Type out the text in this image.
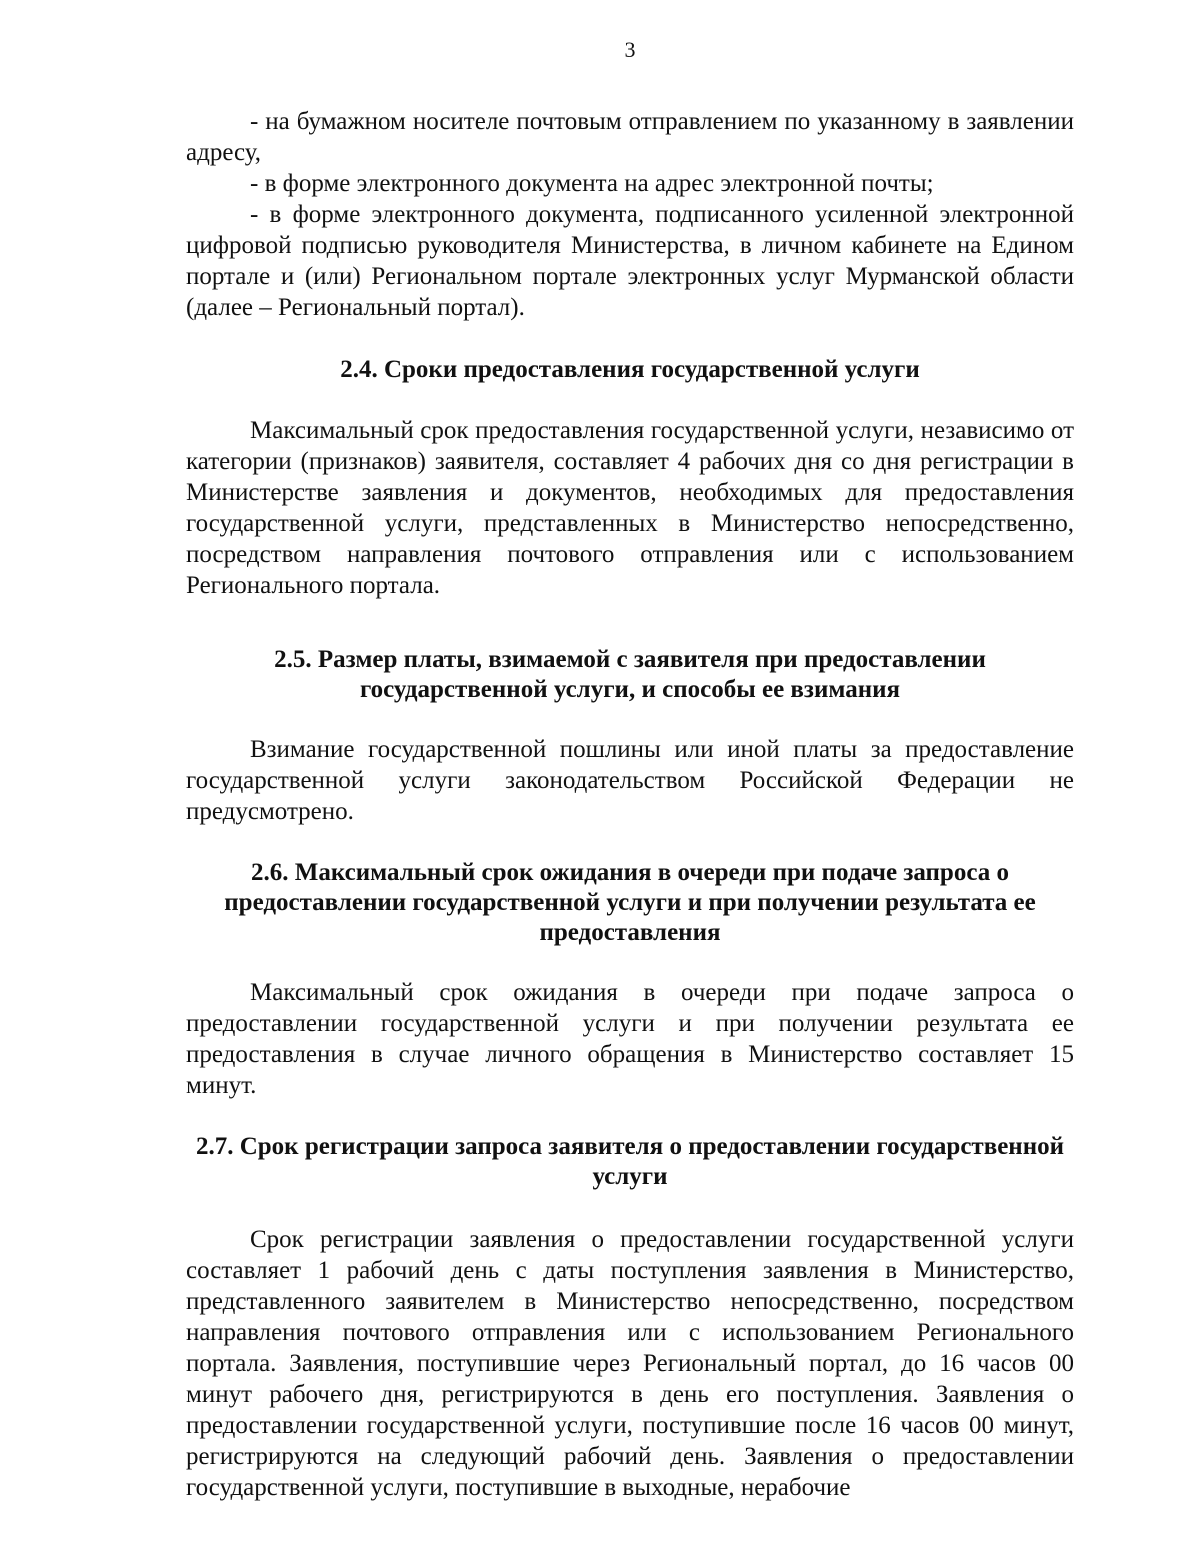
3

- на бумажном носителе почтовым отправлением по указанному в заявлении адресу,

- в форме электронного документа на адрес электронной почты;

- в форме электронного документа, подписанного усиленной электронной цифровой подписью руководителя Министерства, в личном кабинете на Едином портале и (или) Региональном портале электронных услуг Мурманской области (далее – Региональный портал).

2.4. Сроки предоставления государственной услуги

Максимальный срок предоставления государственной услуги, независимо от категории (признаков) заявителя, составляет 4 рабочих дня со дня регистрации в Министерстве заявления и документов, необходимых для предоставления государственной услуги, представленных в Министерство непосредственно, посредством направления почтового отправления или с использованием Регионального портала.

2.5. Размер платы, взимаемой с заявителя при предоставлении государственной услуги, и способы ее взимания

Взимание государственной пошлины или иной платы за предоставление государственной услуги законодательством Российской Федерации не предусмотрено.

2.6. Максимальный срок ожидания в очереди при подаче запроса о предоставлении государственной услуги и при получении результата ее предоставления

Максимальный срок ожидания в очереди при подаче запроса о предоставлении государственной услуги и при получении результата ее предоставления в случае личного обращения в Министерство составляет 15 минут.

2.7. Срок регистрации запроса заявителя о предоставлении государственной услуги

Срок регистрации заявления о предоставлении государственной услуги составляет 1 рабочий день с даты поступления заявления в Министерство, представленного заявителем в Министерство непосредственно, посредством направления почтового отправления или с использованием Регионального портала. Заявления, поступившие через Региональный портал, до 16 часов 00 минут рабочего дня, регистрируются в день его поступления. Заявления о предоставлении государственной услуги, поступившие после 16 часов 00 минут, регистрируются на следующий рабочий день. Заявления о предоставлении государственной услуги, поступившие в выходные, нерабочие
